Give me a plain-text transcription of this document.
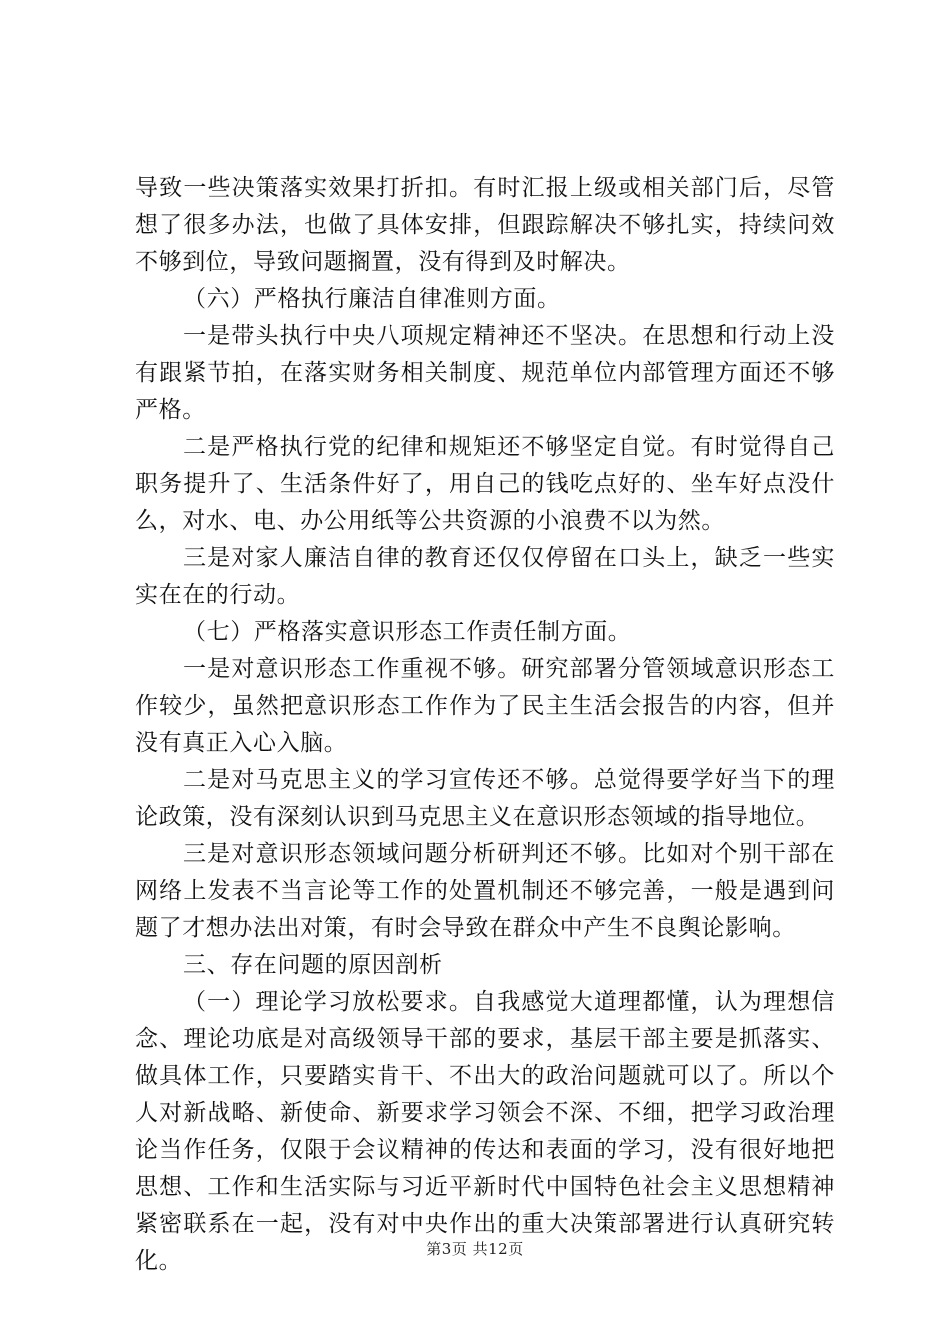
导致一些决策落实效果打折扣。有时汇报上级或相关部门后，尽管想了很多办法，也做了具体安排，但跟踪解决不够扎实，持续问效不够到位，导致问题搁置，没有得到及时解决。

（六）严格执行廉洁自律准则方面。

一是带头执行中央八项规定精神还不坚决。在思想和行动上没有跟紧节拍，在落实财务相关制度、规范单位内部管理方面还不够严格。

二是严格执行党的纪律和规矩还不够坚定自觉。有时觉得自己职务提升了、生活条件好了，用自己的钱吃点好的、坐车好点没什么，对水、电、办公用纸等公共资源的小浪费不以为然。

三是对家人廉洁自律的教育还仅仅停留在口头上，缺乏一些实实在在的行动。

（七）严格落实意识形态工作责任制方面。

一是对意识形态工作重视不够。研究部署分管领域意识形态工作较少，虽然把意识形态工作作为了民主生活会报告的内容，但并没有真正入心入脑。

二是对马克思主义的学习宣传还不够。总觉得要学好当下的理论政策，没有深刻认识到马克思主义在意识形态领域的指导地位。

三是对意识形态领域问题分析研判还不够。比如对个别干部在网络上发表不当言论等工作的处置机制还不够完善，一般是遇到问题了才想办法出对策，有时会导致在群众中产生不良舆论影响。

三、存在问题的原因剖析

（一）理论学习放松要求。自我感觉大道理都懂，认为理想信念、理论功底是对高级领导干部的要求，基层干部主要是抓落实、做具体工作，只要踏实肯干、不出大的政治问题就可以了。所以个人对新战略、新使命、新要求学习领会不深、不细，把学习政治理论当作任务，仅限于会议精神的传达和表面的学习，没有很好地把思想、工作和生活实际与习近平新时代中国特色社会主义思想精神紧密联系在一起，没有对中央作出的重大决策部署进行认真研究转化。	第3页 共12页
